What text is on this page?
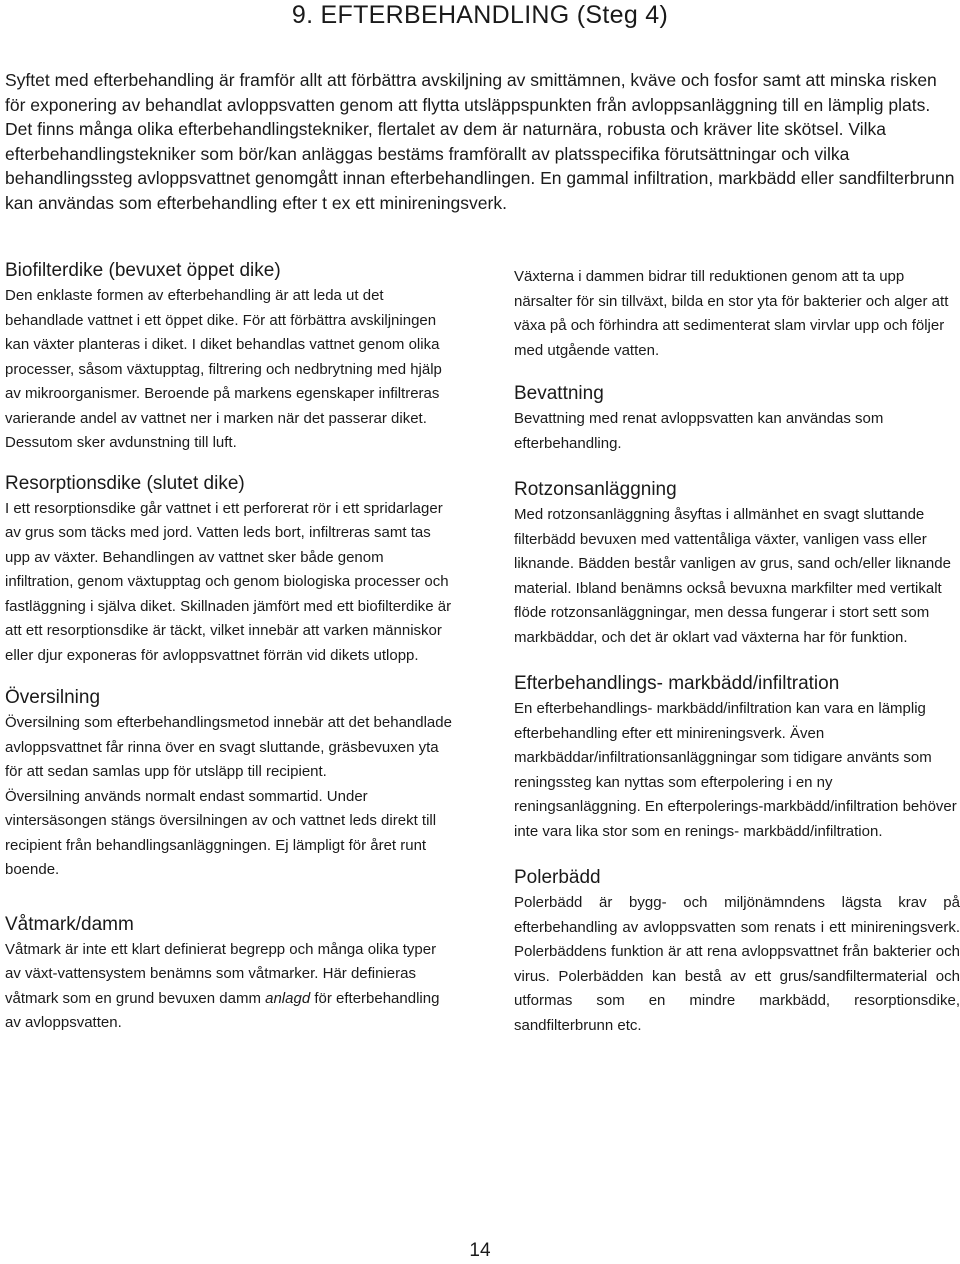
9. EFTERBEHANDLING (Steg 4)

Syftet med efterbehandling är framför allt att förbättra avskiljning av smittämnen, kväve och fosfor samt att minska risken för exponering av behandlat avloppsvatten genom att flytta utsläppspunkten från avloppsanläggning till en lämplig plats. Det finns många olika efterbehandlingstekniker, flertalet av dem är naturnära, robusta och kräver lite skötsel. Vilka efterbehandlingstekniker som bör/kan anläggas bestäms framförallt av platsspecifika förutsättningar och vilka behandlingssteg avloppsvattnet genomgått innan efterbehandlingen. En gammal infiltration, markbädd eller sandfilterbrunn kan användas som efterbehandling efter t ex ett minireningsverk.

Biofilterdike (bevuxet öppet dike)

Den enklaste formen av efterbehandling är att leda ut det behandlade vattnet i ett öppet dike. För att förbättra avskiljningen kan växter planteras i diket. I diket behandlas vattnet genom olika processer, såsom växtupptag, filtrering och nedbrytning med hjälp av mikroorganismer. Beroende på markens egenskaper infiltreras varierande andel av vattnet ner i marken när det passerar diket. Dessutom sker avdunstning till luft.

Resorptionsdike (slutet dike)

I ett resorptionsdike går vattnet i ett perforerat rör i ett spridarlager av grus som täcks med jord. Vatten leds bort, infiltreras samt tas upp av växter. Behandlingen av vattnet sker både genom infiltration, genom växtupptag och genom biologiska processer och fastläggning i själva diket. Skillnaden jämfört med ett biofilterdike är att ett resorptionsdike är täckt, vilket innebär att varken människor eller djur exponeras för avloppsvattnet förrän vid dikets utlopp.

Översilning

Översilning som efterbehandlingsmetod innebär att det behandlade avloppsvattnet får rinna över en svagt sluttande, gräsbevuxen yta för att sedan samlas upp för utsläpp till recipient.

Översilning används normalt endast sommartid. Under vintersäsongen stängs översilningen av och vattnet leds direkt till recipient från behandlingsanläggningen. Ej lämpligt för året runt boende.

Våtmark/damm

Våtmark är inte ett klart definierat begrepp och många olika typer av växt-vattensystem benämns som våtmarker. Här definieras våtmark som en grund bevuxen damm anlagd för efterbehandling av avloppsvatten.

Växterna i dammen bidrar till reduktionen genom att ta upp närsalter för sin tillväxt, bilda en stor yta för bakterier och alger att växa på och förhindra att sedimenterat slam virvlar upp och följer med utgående vatten.

Bevattning

Bevattning med renat avloppsvatten kan användas som efterbehandling.

Rotzonsanläggning

Med rotzonsanläggning åsyftas i allmänhet en svagt sluttande filterbädd bevuxen med vattentåliga växter, vanligen vass eller liknande. Bädden består vanligen av grus, sand och/eller liknande material. Ibland benämns också bevuxna markfilter med vertikalt flöde rotzonsanläggningar, men dessa fungerar i stort sett som markbäddar, och det är oklart vad växterna har för funktion.

Efterbehandlings- markbädd/infiltration

En efterbehandlings- markbädd/infiltration kan vara en lämplig efterbehandling efter ett minireningsverk. Även markbäddar/infiltrationsanläggningar som tidigare använts som reningssteg kan nyttas som efterpolering i en ny reningsanläggning. En efterpolerings-markbädd/infiltration behöver inte vara lika stor som en renings- markbädd/infiltration.

Polerbädd

Polerbädd är bygg- och miljönämndens lägsta krav på efterbehandling av avloppsvatten som renats i ett minireningsverk. Polerbäddens funktion är att rena avloppsvattnet från bakterier och virus. Polerbädden kan bestå av ett grus/sandfiltermaterial och utformas som en mindre markbädd, resorptionsdike, sandfilterbrunn etc.

14
